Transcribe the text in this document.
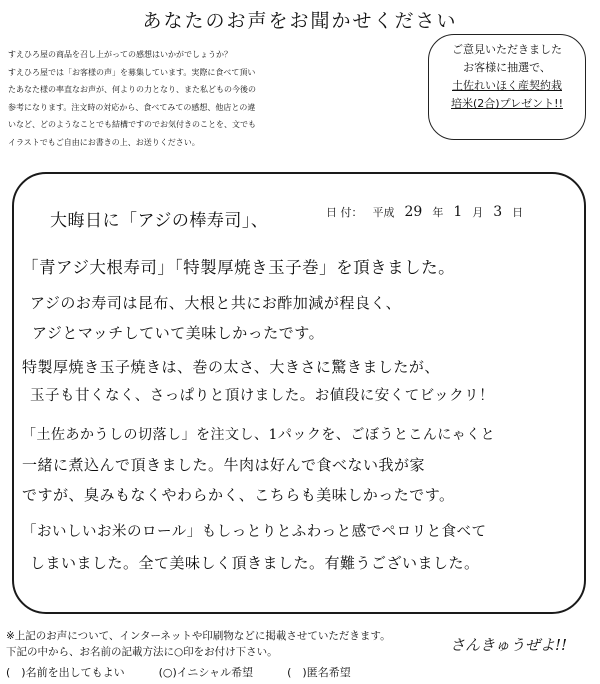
あなたのお声をお聞かせください
すえひろ屋の商品を召し上がっての感想はいかがでしょうか？
すえひろ屋では「お客様の声」を募集しています。実際に食べて頂い
たあなた様の率直なお声が、何よりの力となり、また私どもの今後の
参考になります。注文時の対応から、食べてみての感想、他店との違
いなど、どのようなことでも結構ですのでお気付きのことを、文でも
イラストでもご自由にお書きの上、お送りください。
ご意見いただきました
お客様に抽選で、
土佐れいほく産契約栽
培米(2合)プレゼント!!
日 付： 平成 29 年 1 月 3 日
大晦日に「アジの棒寿司」、
「青アジ大根寿司」「特製厚焼き玉子巻」を頂きました。
アジのお寿司は昆布、大根と共にお酢加減が程良く、
アジとマッチしていて美味しかったです。
特製厚焼き玉子焼きは、巻の太さ、大きさに驚きましたが、
玉子も甘くなく、さっぱりと頂けました。お値段に安くてビックリ！
「土佐あかうしの切落し」を注文し、1パックを、ごぼうとこんにゃくと
一緒に煮込んで頂きました。牛肉は好んで食べない我が家
ですが、臭みもなくやわらかく、こちらも美味しかったです。
「おいしいお米のロール」もしっとりとふわっと感でペロリと食べて
しまいました。全て美味しく頂きました。有難うございました。
※上記のお声について、インターネットや印刷物などに掲載させていただきます。
下記の中から、お名前の記載方法に○印をお付け下さい。	さんきゅうぜよ!!
(　)名前を出してもよい	(○)イニシャル希望	(　)匿名希望
